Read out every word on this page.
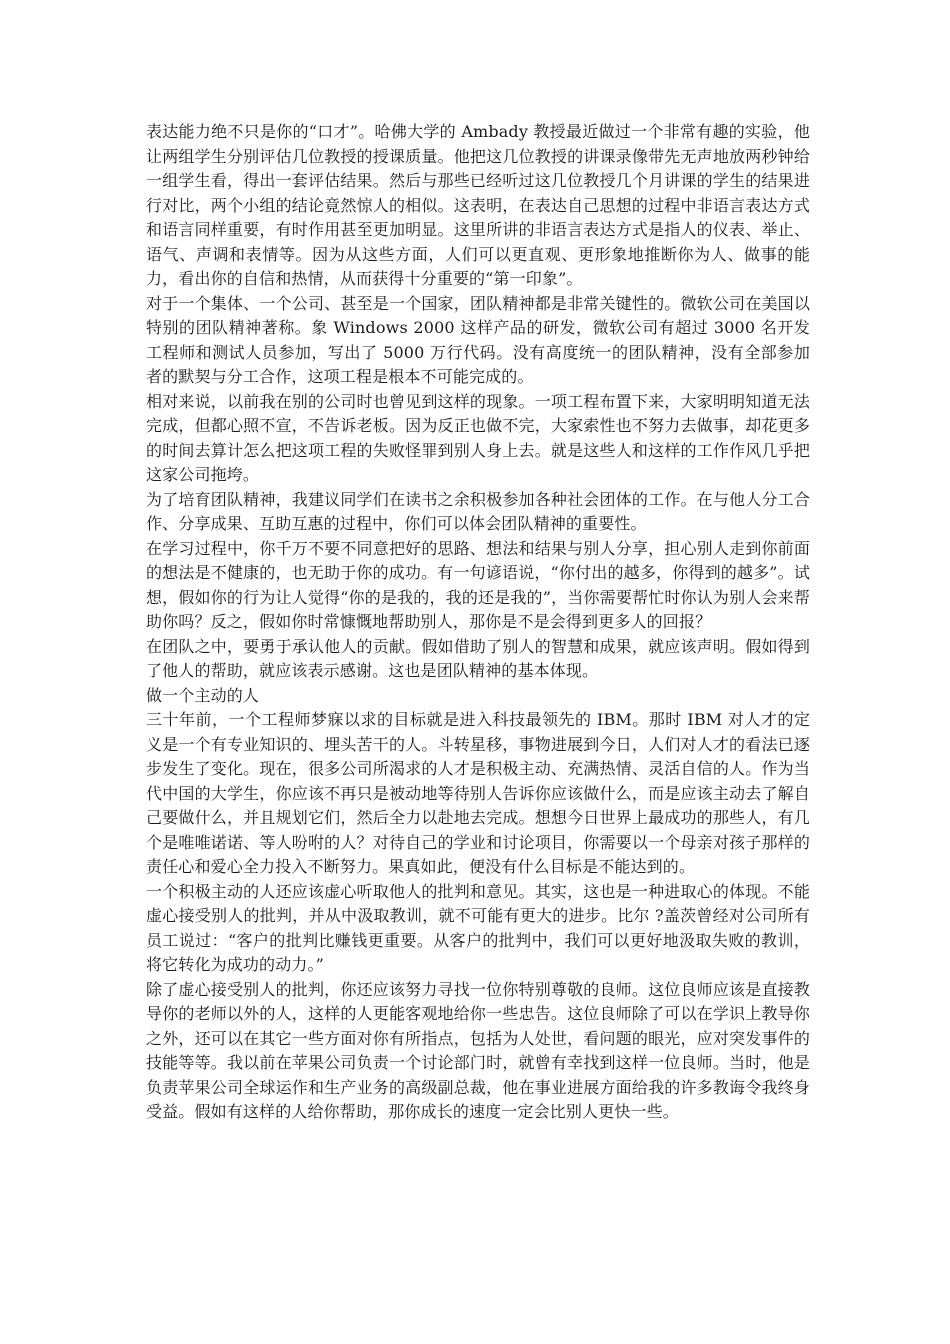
表达能力绝不只是你的“口才”。哈佛大学的 Ambady 教授最近做过一个非常有趣的实验，他让两组学生分别评估几位教授的授课质量。他把这几位教授的讲课录像带先无声地放两秒钟给一组学生看，得出一套评估结果。然后与那些已经听过这几位教授几个月讲课的学生的结果进行对比，两个小组的结论竟然惊人的相似。这表明，在表达自己思想的过程中非语言表达方式和语言同样重要，有时作用甚至更加明显。这里所讲的非语言表达方式是指人的仪表、举止、语气、声调和表情等。因为从这些方面，人们可以更直观、更形象地推断你为人、做事的能力，看出你的自信和热情，从而获得十分重要的“第一印象”。

对于一个集体、一个公司、甚至是一个国家，团队精神都是非常关键性的。微软公司在美国以特别的团队精神著称。象 Windows 2000 这样产品的研发，微软公司有超过 3000 名开发工程师和测试人员参加，写出了 5000 万行代码。没有高度统一的团队精神，没有全部参加者的默契与分工合作，这项工程是根本不可能完成的。

相对来说，以前我在别的公司时也曾见到这样的现象。一项工程布置下来，大家明明知道无法完成，但都心照不宣，不告诉老板。因为反正也做不完，大家索性也不努力去做事，却花更多的时间去算计怎么把这项工程的失败怪罪到别人身上去。就是这些人和这样的工作作风几乎把这家公司拖垮。

为了培育团队精神，我建议同学们在读书之余积极参加各种社会团体的工作。在与他人分工合作、分享成果、互助互惠的过程中，你们可以体会团队精神的重要性。

在学习过程中，你千万不要不同意把好的思路、想法和结果与别人分享，担心别人走到你前面的想法是不健康的，也无助于你的成功。有一句谚语说，“你付出的越多，你得到的越多”。试想，假如你的行为让人觉得“你的是我的，我的还是我的”，当你需要帮忙时你认为别人会来帮助你吗？反之，假如你时常慷慨地帮助别人，那你是不是会得到更多人的回报？

在团队之中，要勇于承认他人的贡献。假如借助了别人的智慧和成果，就应该声明。假如得到了他人的帮助，就应该表示感谢。这也是团队精神的基本体现。

做一个主动的人

三十年前，一个工程师梦寐以求的目标就是进入科技最领先的 IBM。那时 IBM 对人才的定义是一个有专业知识的、埋头苦干的人。斗转星移，事物进展到今日，人们对人才的看法已逐步发生了变化。现在，很多公司所渴求的人才是积极主动、充满热情、灵活自信的人。作为当代中国的大学生，你应该不再只是被动地等待别人告诉你应该做什么，而是应该主动去了解自己要做什么，并且规划它们，然后全力以赴地去完成。想想今日世界上最成功的那些人，有几个是唯唯诺诺、等人吩咐的人？对待自己的学业和讨论项目，你需要以一个母亲对孩子那样的责任心和爱心全力投入不断努力。果真如此，便没有什么目标是不能达到的。

一个积极主动的人还应该虚心听取他人的批判和意见。其实，这也是一种进取心的体现。不能虚心接受别人的批判，并从中汲取教训，就不可能有更大的进步。比尔 ?盖茨曾经对公司所有员工说过：“客户的批判比赚钱更重要。从客户的批判中，我们可以更好地汲取失败的教训，将它转化为成功的动力。”

除了虚心接受别人的批判，你还应该努力寻找一位你特别尊敬的良师。这位良师应该是直接教导你的老师以外的人，这样的人更能客观地给你一些忠告。这位良师除了可以在学识上教导你之外，还可以在其它一些方面对你有所指点，包括为人处世，看问题的眼光，应对突发事件的技能等等。我以前在苹果公司负责一个讨论部门时，就曾有幸找到这样一位良师。当时，他是负责苹果公司全球运作和生产业务的高级副总裁，他在事业进展方面给我的许多教诲令我终身受益。假如有这样的人给你帮助，那你成长的速度一定会比别人更快一些。
